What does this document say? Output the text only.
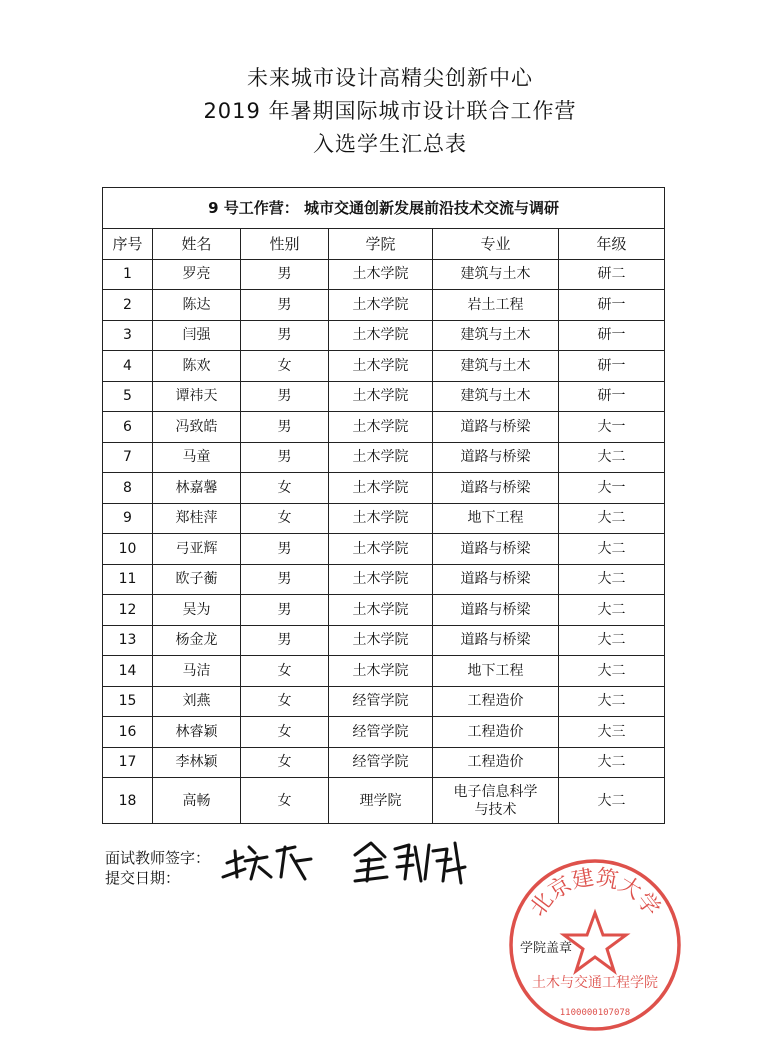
未来城市设计高精尖创新中心
2019 年暑期国际城市设计联合工作营
入选学生汇总表
9 号工作营： 城市交通创新发展前沿技术交流与调研					
序号	姓名	性别	学院	专业	年级
1	罗亮	男	土木学院	建筑与土木	研二
2	陈达	男	土木学院	岩土工程	研一
3	闫强	男	土木学院	建筑与土木	研一
4	陈欢	女	土木学院	建筑与土木	研一
5	谭祎天	男	土木学院	建筑与土木	研一
6	冯致皓	男	土木学院	道路与桥梁	大一
7	马童	男	土木学院	道路与桥梁	大二
8	林嘉馨	女	土木学院	道路与桥梁	大一
9	郑桂萍	女	土木学院	地下工程	大二
10	弓亚辉	男	土木学院	道路与桥梁	大二
11	欧子蘅	男	土木学院	道路与桥梁	大二
12	吴为	男	土木学院	道路与桥梁	大二
13	杨金龙	男	土木学院	道路与桥梁	大二
14	马洁	女	土木学院	地下工程	大二
15	刘燕	女	经管学院	工程造价	大二
16	林睿颖	女	经管学院	工程造价	大三
17	李林颖	女	经管学院	工程造价	大二
18	高畅	女	理学院	电子信息科学
与技术	大二
面试教师签字：
提交日期：
北京建筑大学
土木与交通工程学院
1100000107078
学院盖章
